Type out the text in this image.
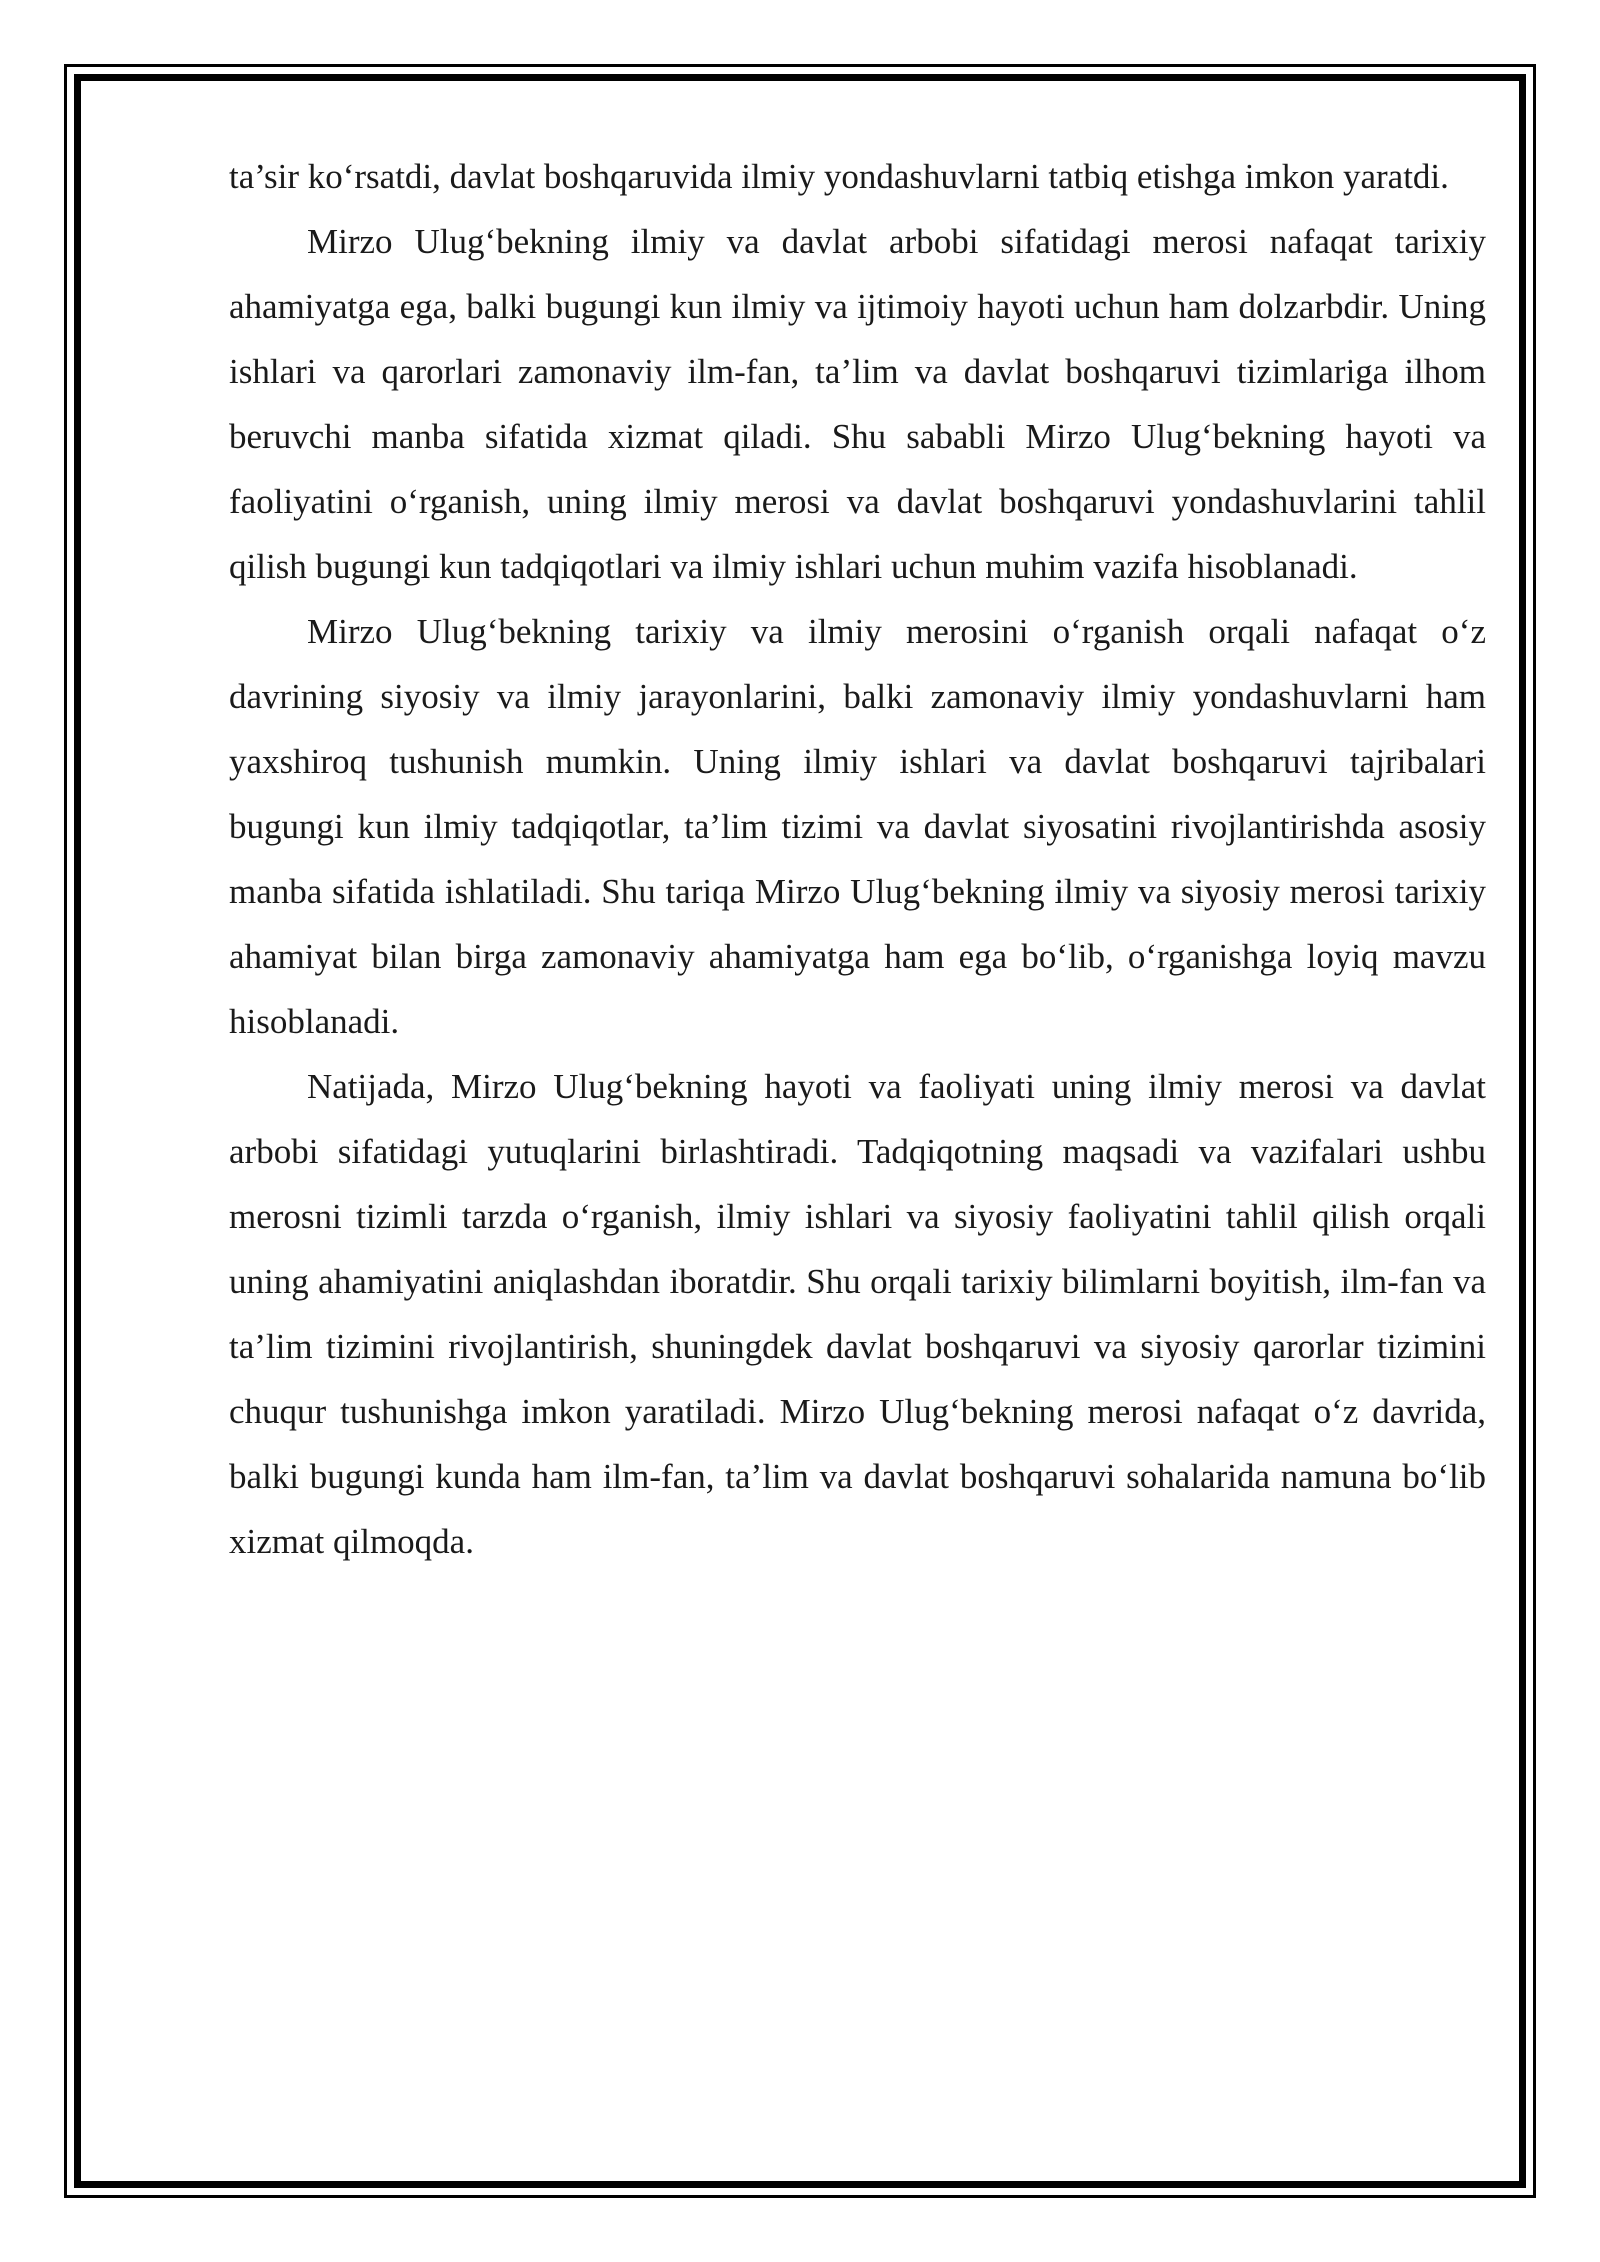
ta’sir ko‘rsatdi, davlat boshqaruvida ilmiy yondashuvlarni tatbiq etishga imkon yaratdi.

Mirzo Ulug‘bekning ilmiy va davlat arbobi sifatidagi merosi nafaqat tarixiy ahamiyatga ega, balki bugungi kun ilmiy va ijtimoiy hayoti uchun ham dolzarbdir. Uning ishlari va qarorlari zamonaviy ilm-fan, ta’lim va davlat boshqaruvi tizimlariga ilhom beruvchi manba sifatida xizmat qiladi. Shu sababli Mirzo Ulug‘bekning hayoti va faoliyatini o‘rganish, uning ilmiy merosi va davlat boshqaruvi yondashuvlarini tahlil qilish bugungi kun tadqiqotlari va ilmiy ishlari uchun muhim vazifa hisoblanadi.

Mirzo Ulug‘bekning tarixiy va ilmiy merosini o‘rganish orqali nafaqat o‘z davrining siyosiy va ilmiy jarayonlarini, balki zamonaviy ilmiy yondashuvlarni ham yaxshiroq tushunish mumkin. Uning ilmiy ishlari va davlat boshqaruvi tajribalari bugungi kun ilmiy tadqiqotlar, ta’lim tizimi va davlat siyosatini rivojlantirishda asosiy manba sifatida ishlatiladi. Shu tariqa Mirzo Ulug‘bekning ilmiy va siyosiy merosi tarixiy ahamiyat bilan birga zamonaviy ahamiyatga ham ega bo‘lib, o‘rganishga loyiq mavzu hisoblanadi.

Natijada, Mirzo Ulug‘bekning hayoti va faoliyati uning ilmiy merosi va davlat arbobi sifatidagi yutuqlarini birlashtiradi. Tadqiqotning maqsadi va vazifalari ushbu merosni tizimli tarzda o‘rganish, ilmiy ishlari va siyosiy faoliyatini tahlil qilish orqali uning ahamiyatini aniqlashdan iboratdir. Shu orqali tarixiy bilimlarni boyitish, ilm-fan va ta’lim tizimini rivojlantirish, shuningdek davlat boshqaruvi va siyosiy qarorlar tizimini chuqur tushunishga imkon yaratiladi. Mirzo Ulug‘bekning merosi nafaqat o‘z davrida, balki bugungi kunda ham ilm-fan, ta’lim va davlat boshqaruvi sohalarida namuna bo‘lib xizmat qilmoqda.
